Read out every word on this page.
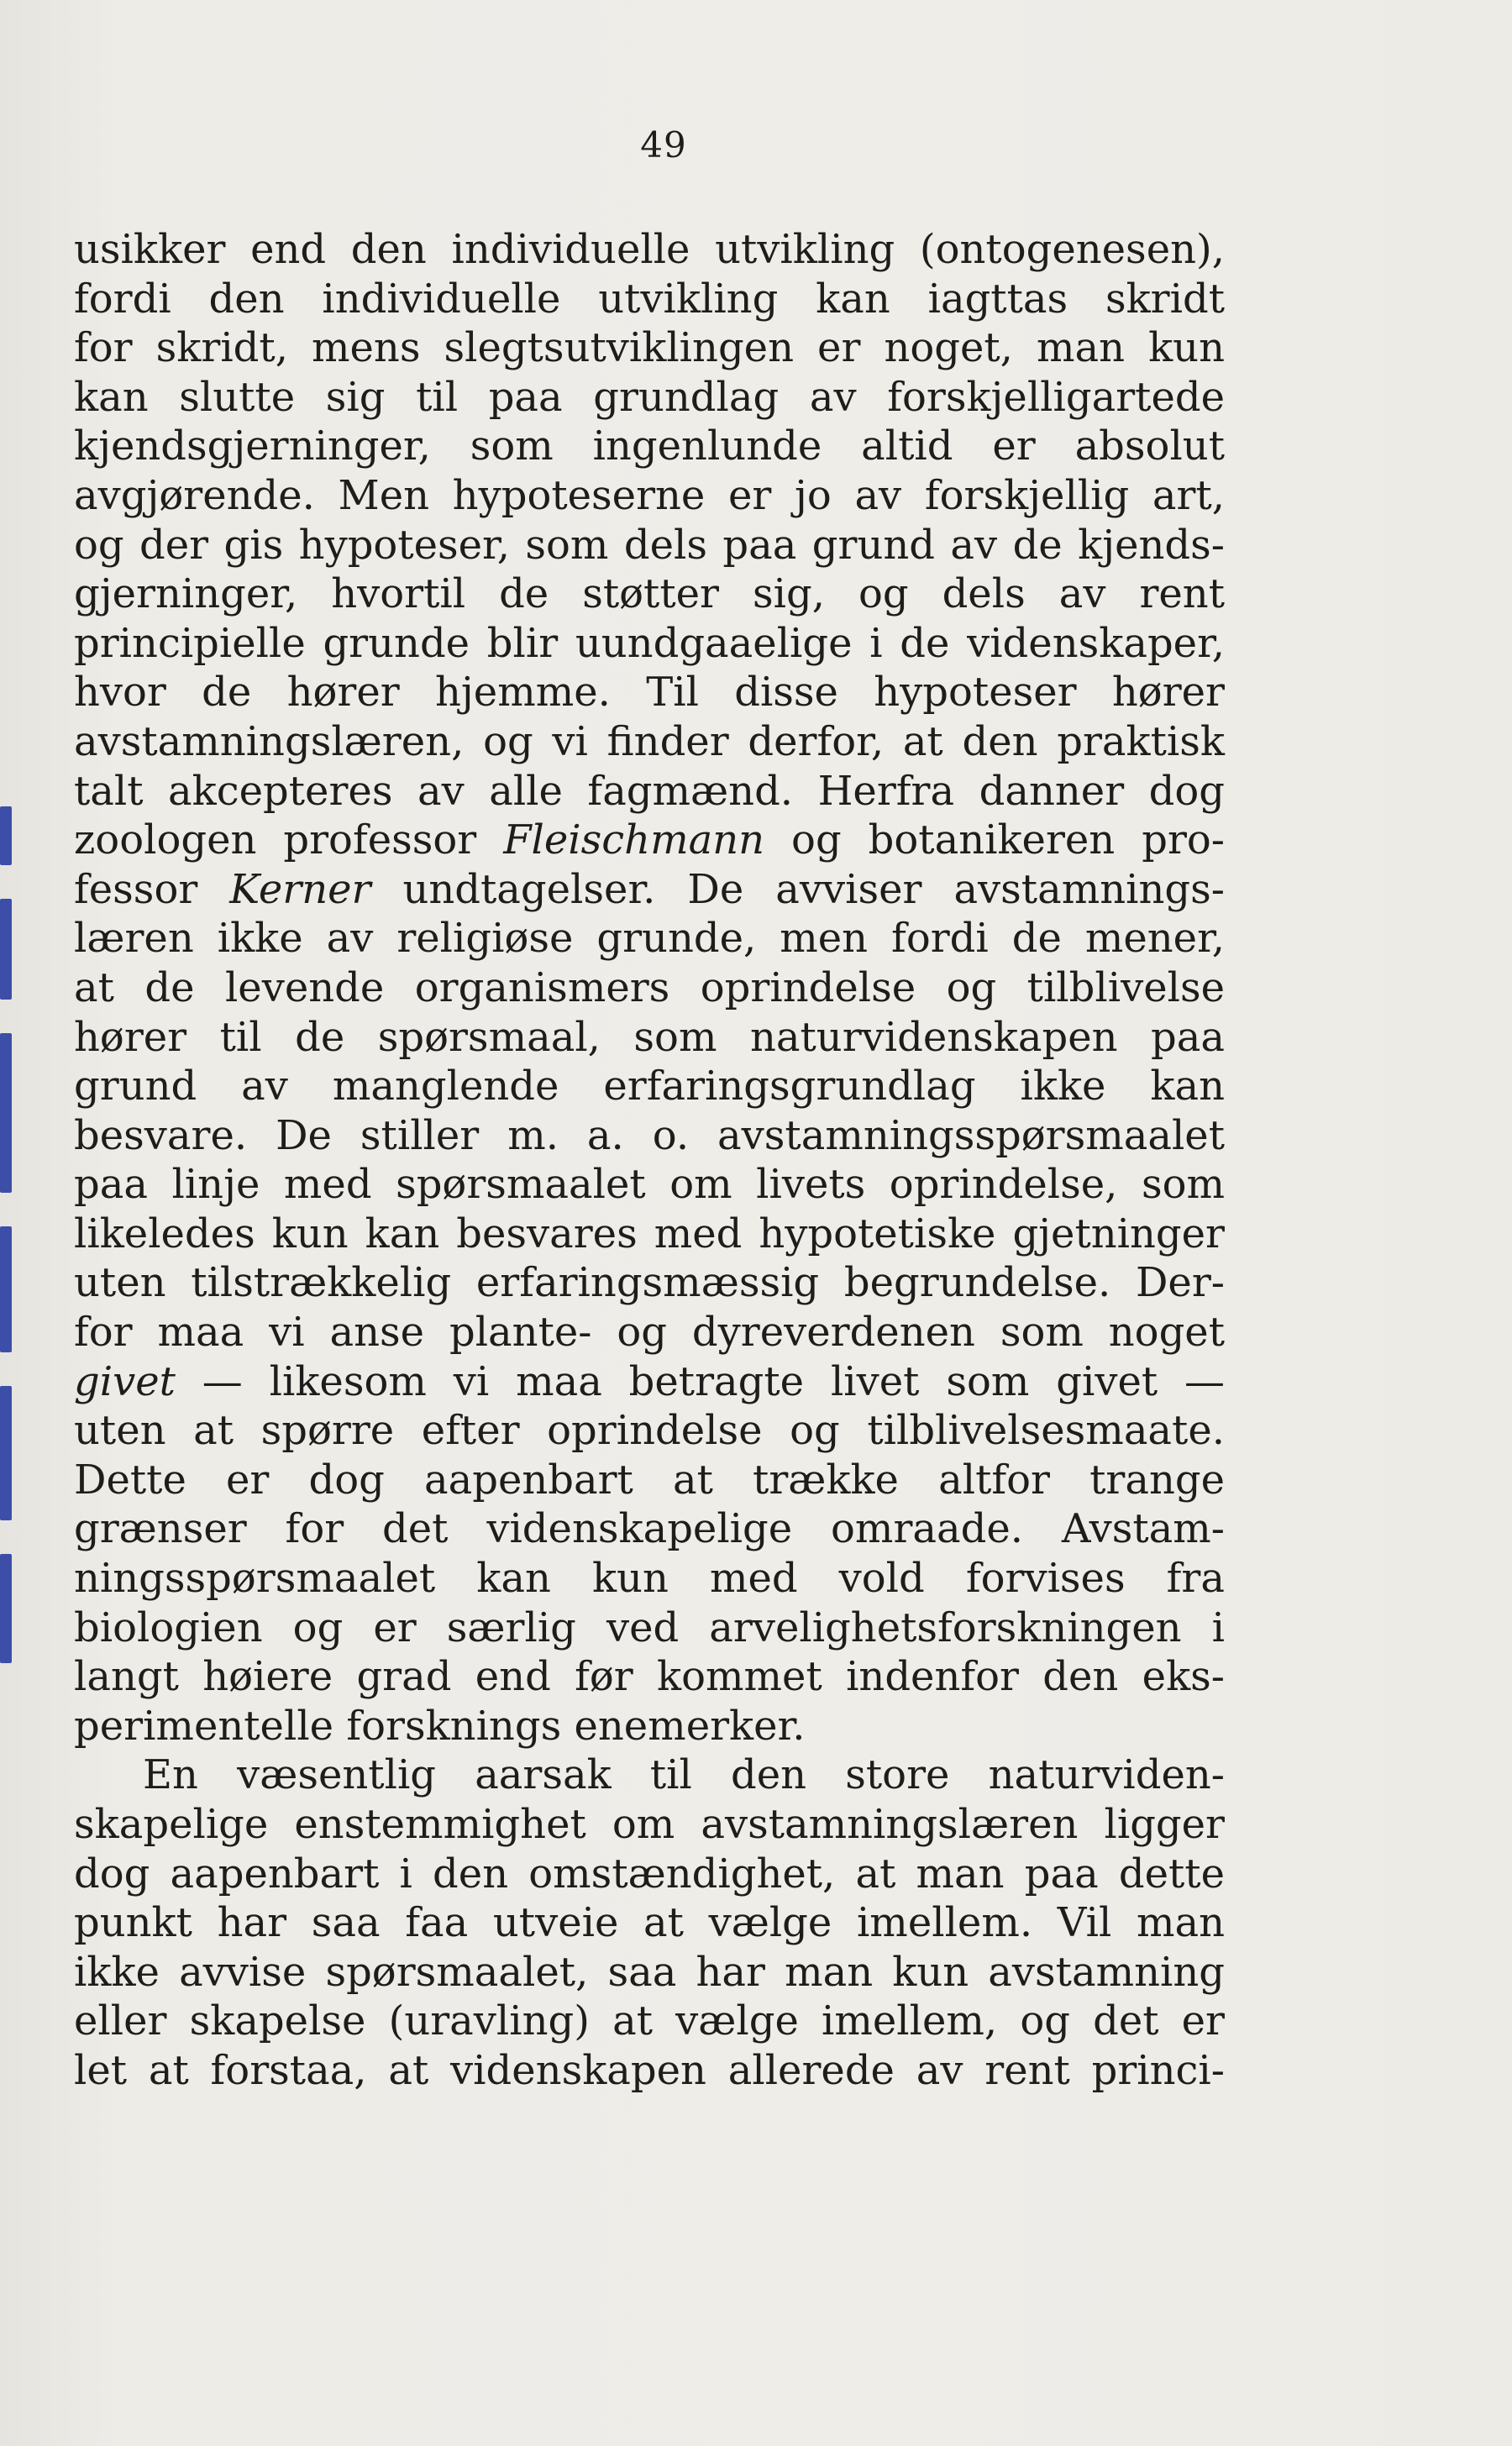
49
usikker end den individuelle utvikling (ontogenesen),
fordi den individuelle utvikling kan iagttas skridt
for skridt, mens slegtsutviklingen er noget, man kun
kan slutte sig til paa grundlag av forskjelligartede
kjendsgjerninger, som ingenlunde altid er absolut
avgjørende. Men hypoteserne er jo av forskjellig art,
og der gis hypoteser, som dels paa grund av de kjends-
gjerninger, hvortil de støtter sig, og dels av rent
principielle grunde blir uundgaaelige i de videnskaper,
hvor de hører hjemme. Til disse hypoteser hører
avstamningslæren, og vi finder derfor, at den praktisk
talt akcepteres av alle fagmænd. Herfra danner dog
zoologen professor Fleischmann og botanikeren pro-
fessor Kerner undtagelser. De avviser avstamnings-
læren ikke av religiøse grunde, men fordi de mener,
at de levende organismers oprindelse og tilblivelse
hører til de spørsmaal, som naturvidenskapen paa
grund av manglende erfaringsgrundlag ikke kan
besvare. De stiller m. a. o. avstamningsspørsmaalet
paa linje med spørsmaalet om livets oprindelse, som
likeledes kun kan besvares med hypotetiske gjetninger
uten tilstrækkelig erfaringsmæssig begrundelse. Der-
for maa vi anse plante- og dyreverdenen som noget
givet — likesom vi maa betragte livet som givet —
uten at spørre efter oprindelse og tilblivelsesmaate.
Dette er dog aapenbart at trække altfor trange
grænser for det videnskapelige omraade. Avstam-
ningsspørsmaalet kan kun med vold forvises fra
biologien og er særlig ved arvelighetsforskningen i
langt høiere grad end før kommet indenfor den eks-
perimentelle forsknings enemerker.
En væsentlig aarsak til den store naturviden-
skapelige enstemmighet om avstamningslæren ligger
dog aapenbart i den omstændighet, at man paa dette
punkt har saa faa utveie at vælge imellem. Vil man
ikke avvise spørsmaalet, saa har man kun avstamning
eller skapelse (uravling) at vælge imellem, og det er
let at forstaa, at videnskapen allerede av rent princi-
